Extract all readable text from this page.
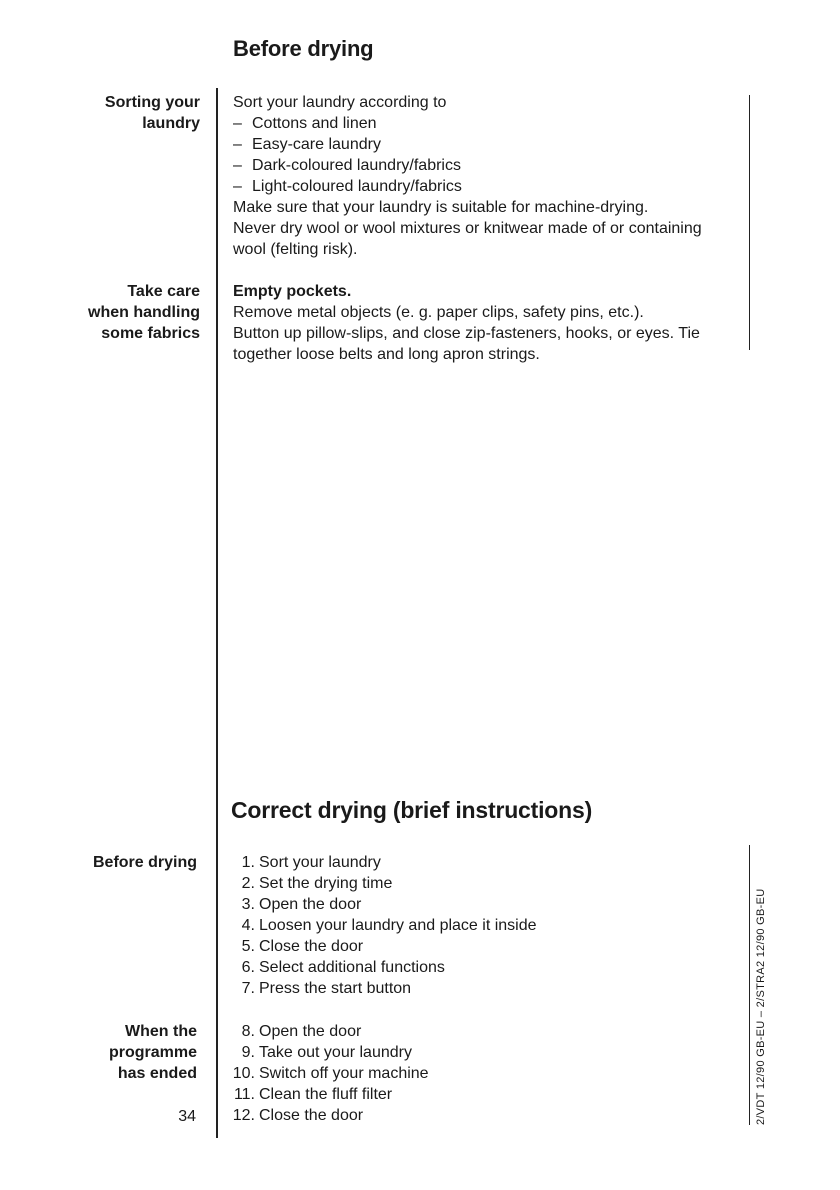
Before drying
Sorting your
laundry
Sort your laundry according to
– Cottons and linen
– Easy-care laundry
– Dark-coloured laundry/fabrics
– Light-coloured laundry/fabrics
Make sure that your laundry is suitable for machine-drying.
Never dry wool or wool mixtures or knitwear made of or containing
wool (felting risk).
Take care
when handling
some fabrics
Empty pockets.
Remove metal objects (e. g. paper clips, safety pins, etc.).
Button up pillow-slips, and close zip-fasteners, hooks, or eyes. Tie
together loose belts and long apron strings.
Correct drying (brief instructions)
Before drying	1. Sort your laundry
2. Set the drying time
3. Open the door
4. Loosen your laundry and place it inside
5. Close the door
6. Select additional functions
7. Press the start button
When the
programme
has ended
8. Open the door
9. Take out your laundry
10. Switch off your machine
11. Clean the fluff filter
12. Close the door
34	2/VDT 12/90 GB-EU – 2/STRA2 12/90 GB-EU
